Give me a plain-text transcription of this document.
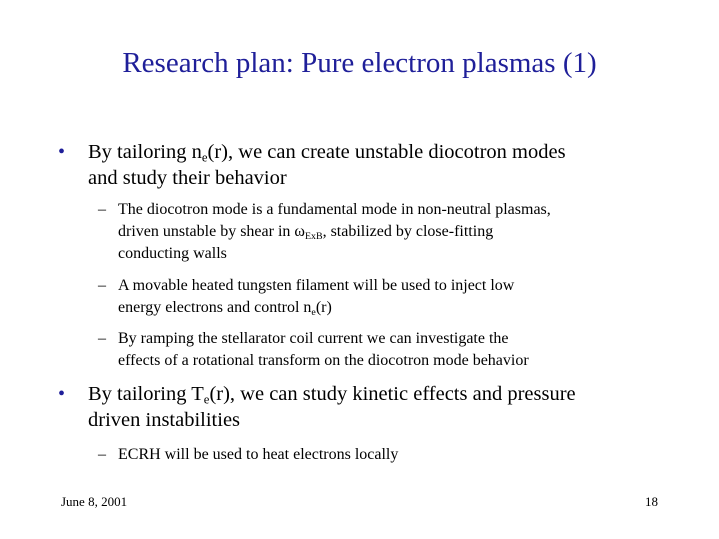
Research plan: Pure electron plasmas (1)
•	By tailoring $n_e(r)$, we can create unstable diocotron modes
and study their behavior
– The diocotron mode is a fundamental mode in non-neutral plasmas,
driven unstable by shear in $\omega_{ExB}$, stabilized by close-fitting
conducting walls
– A movable heated tungsten filament will be used to inject low
energy electrons and control $n_e(r)$
– By ramping the stellarator coil current we can investigate the
effects of a rotational transform on the diocotron mode behavior
•	By tailoring $T_e(r)$, we can study kinetic effects and pressure
driven instabilities
– ECRH will be used to heat electrons locally
June 8, 2001	18
